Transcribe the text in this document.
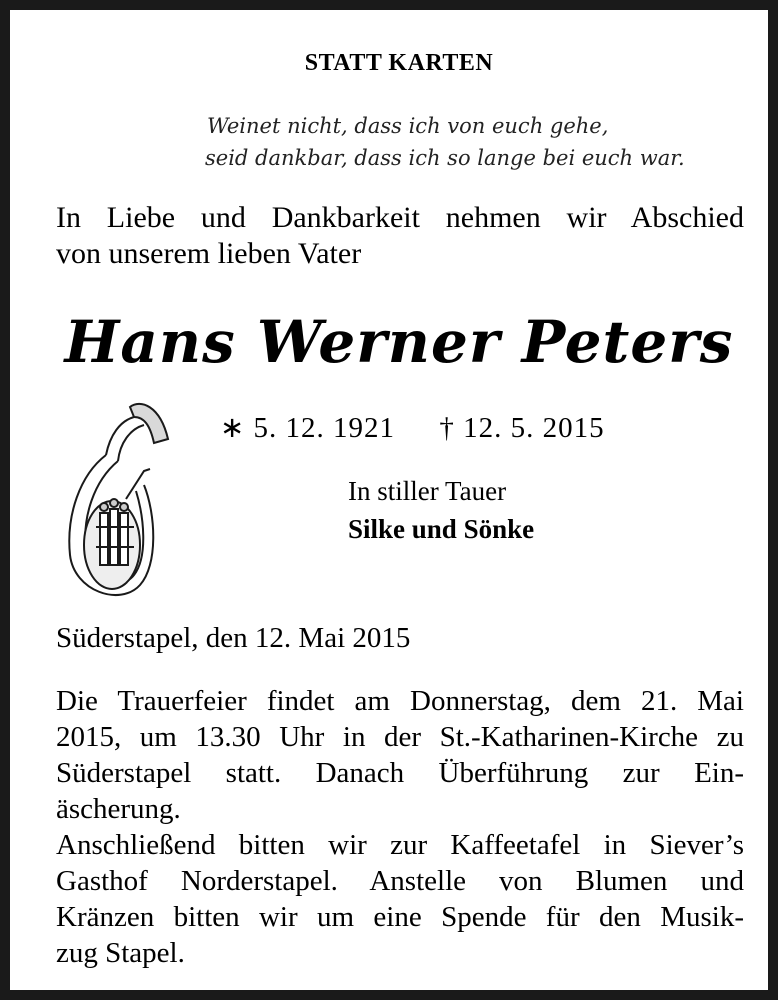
STATT KARTEN
Weinet nicht, dass ich von euch gehe,
seid dankbar, dass ich so lange bei euch war.
In Liebe und Dankbarkeit nehmen wir Abschied
von unserem lieben Vater
Hans Werner Peters
∗ 5. 12. 1921 † 12. 5. 2015
In stiller Tauer
Silke und Sönke
Süderstapel, den 12. Mai 2015

Die Trauerfeier findet am Donnerstag, dem 21. Mai
2015, um 13.30 Uhr in der St.-Katharinen-Kirche zu
Süderstapel statt. Danach Überführung zur Ein-
äscherung.

Anschließend bitten wir zur Kaffeetafel in Siever’s
Gasthof Norderstapel. Anstelle von Blumen und
Kränzen bitten wir um eine Spende für den Musik-
zug Stapel.
